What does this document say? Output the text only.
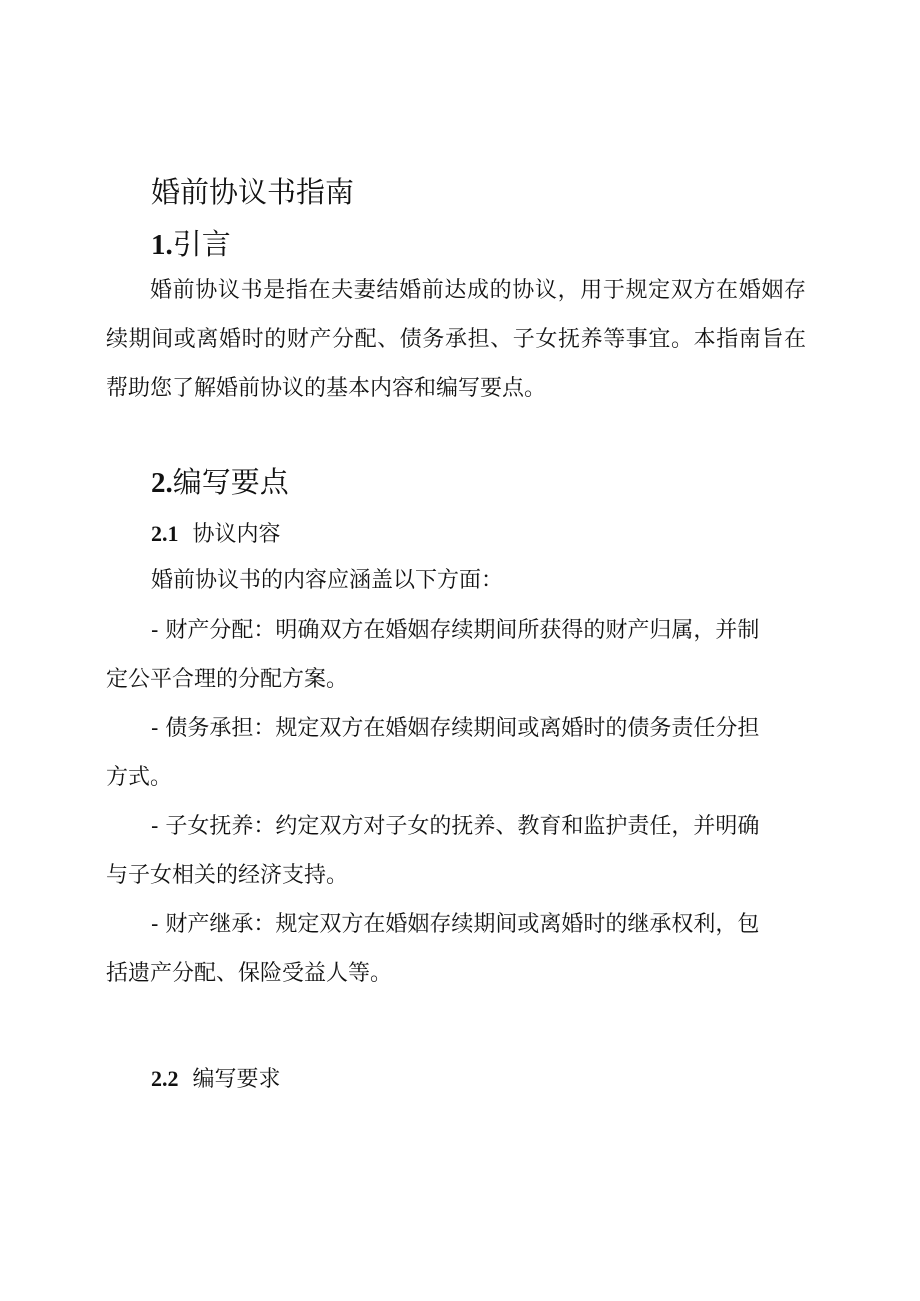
婚前协议书指南
1.引言

婚前协议书是指在夫妻结婚前达成的协议，用于规定双方在婚姻存续期间或离婚时的财产分配、债务承担、子女抚养等事宜。本指南旨在帮助您了解婚前协议的基本内容和编写要点。

2.编写要点
2.1 协议内容
婚前协议书的内容应涵盖以下方面：
- 财产分配：明确双方在婚姻存续期间所获得的财产归属，并制
定公平合理的分配方案。
- 债务承担：规定双方在婚姻存续期间或离婚时的债务责任分担
方式。
- 子女抚养：约定双方对子女的抚养、教育和监护责任，并明确
与子女相关的经济支持。
- 财产继承：规定双方在婚姻存续期间或离婚时的继承权利，包
括遗产分配、保险受益人等。
2.2 编写要求
